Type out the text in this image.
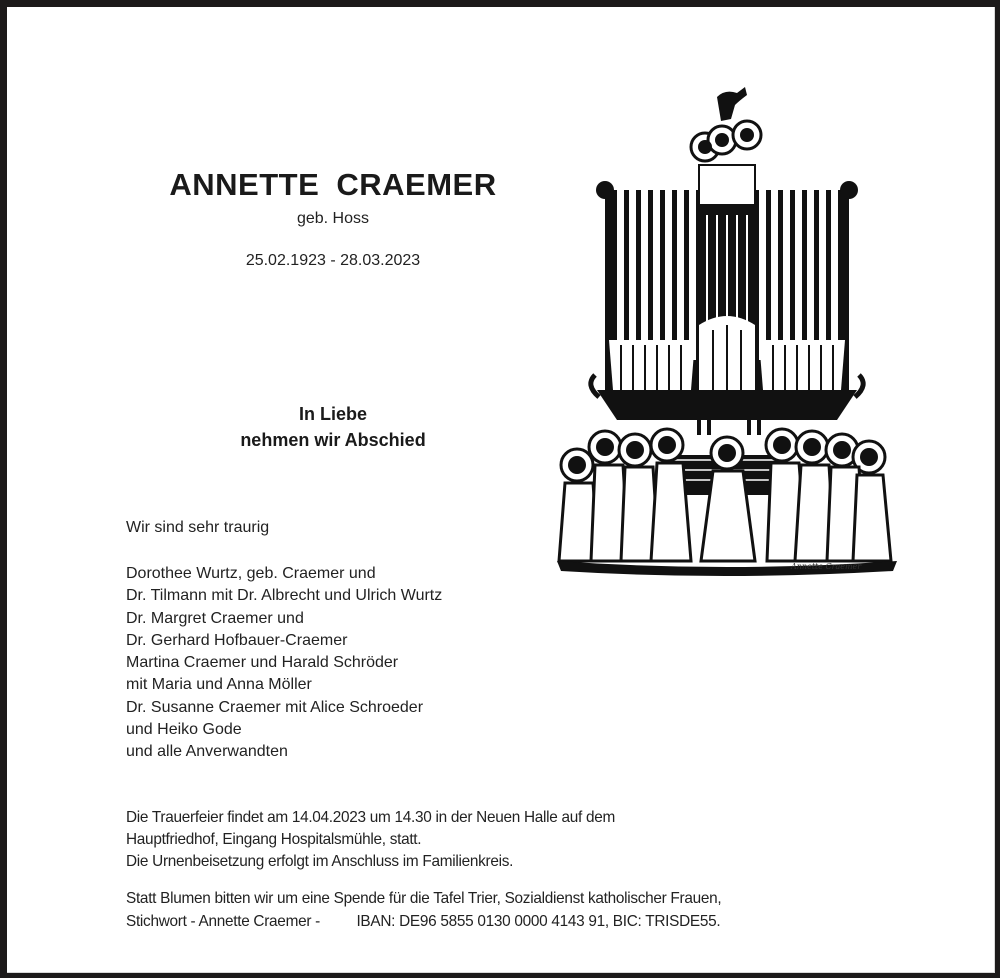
ANNETTE CRAEMER
geb. Hoss
25.02.1923 - 28.03.2023
In Liebe
nehmen wir Abschied
Wir sind sehr traurig
Dorothee Wurtz, geb. Craemer und
Dr. Tilmann mit Dr. Albrecht und Ulrich Wurtz
Dr. Margret Craemer und
Dr. Gerhard Hofbauer-Craemer
Martina Craemer und Harald Schröder
mit Maria und Anna Möller
Dr. Susanne Craemer mit Alice Schroeder
und Heiko Gode
und alle Anverwandten
Die Trauerfeier findet am 14.04.2023 um 14.30 in der Neuen Halle auf dem
Hauptfriedhof, Eingang Hospitalsmühle, statt.
Die Urnenbeisetzung erfolgt im Anschluss im Familienkreis.
Statt Blumen bitten wir um eine Spende für die Tafel Trier, Sozialdienst katholischer Frauen,
Stichwort - Annette Craemer - IBAN: DE96 5855 0130 0000 4143 91, BIC: TRISDE55.
Annette Craemer
